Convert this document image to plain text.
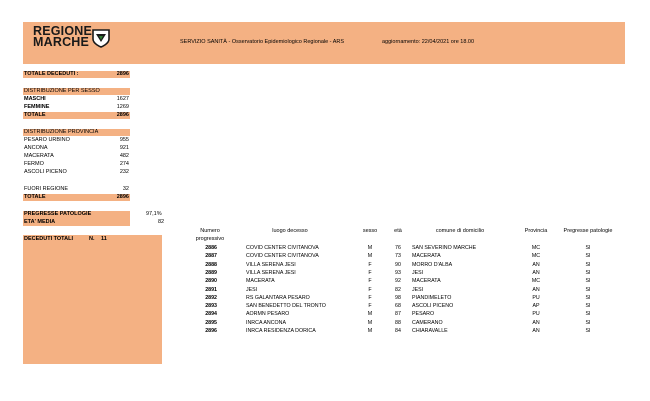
REGIONE
MARCHE	SERVIZIO SANITÀ - Osservatorio Epidemiologico Regionale - ARS	aggiornamento: 22/04/2021 ore 18.00
TOTALE DECEDUTI :	2896
DISTRIBUZIONE PER SESSO
MASCHI	1627
FEMMINE	1269
TOTALE	2896
DISTRIBUZIONE PROVINCIA
PESARO URBINO	955
ANCONA	921
MACERATA	482
FERMO	274
ASCOLI PICENO	232
FUORI REGIONE	32
TOTALE	2896
PREGRESSE PATOLOGIE	97,1%
ETA' MEDIA	82
DECEDUTI TOTALI	N. 11
Numero
progressivo
luogo decesso	sesso	età	comune di domicilio	Provincia	Pregresse patologie
2886	COVID CENTER CIVITANOVA	M	76	SAN SEVERINO MARCHE	MC	SI
2887	COVID CENTER CIVITANOVA	M	73	MACERATA	MC	SI
2888	VILLA SERENA JESI	F	90	MORRO D'ALBA	AN	SI
2889	VILLA SERENA JESI	F	93	JESI	AN	SI
2890	MACERATA	F	92	MACERATA	MC	SI
2891	JESI	F	82	JESI	AN	SI
2892	RS GALANTARA PESARO	F	98	PIANDIMELETO	PU	SI
2893	SAN BENEDETTO DEL TRONTO	F	68	ASCOLI PICENO	AP	SI
2894	AORMN PESARO	M	87	PESARO	PU	SI
2895	INRCA ANCONA	M	88	CAMERANO	AN	SI
2896	INRCA RESIDENZA DORICA	M	84	CHIARAVALLE	AN	SI
